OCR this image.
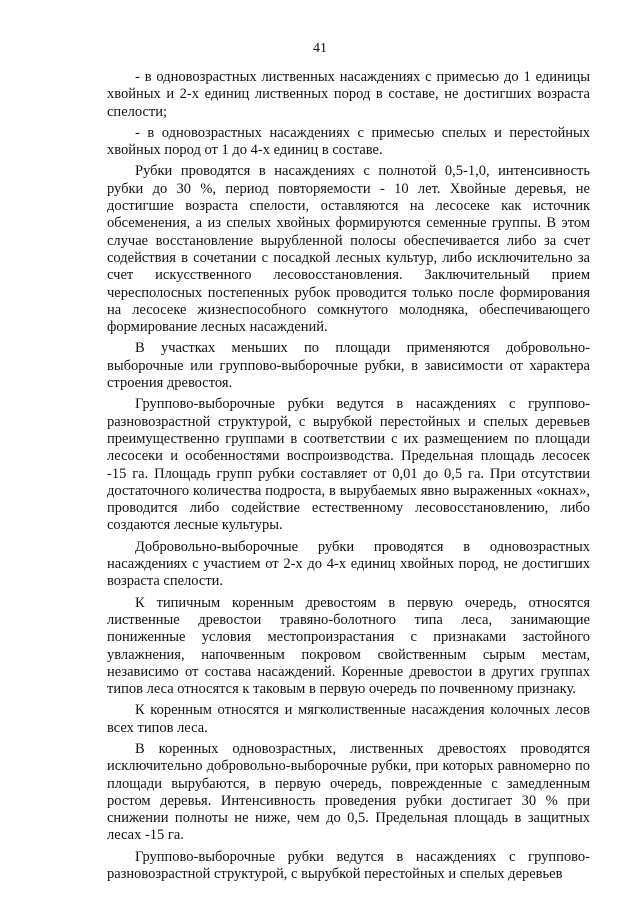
41

- в одновозрастных лиственных насаждениях с примесью до 1 единицы хвойных и 2-х единиц лиственных пород в составе, не достигших возраста спелости;

- в одновозрастных насаждениях с примесью спелых и перестойных хвойных пород от 1 до 4-х единиц в составе.

Рубки проводятся в насаждениях с полнотой 0,5-1,0, интенсивность рубки до 30 %, период повторяемости - 10 лет. Хвойные деревья, не достигшие возраста спелости, оставляются на лесосеке как источник обсеменения, а из спелых хвойных формируются семенные группы. В этом случае восстановление вырубленной полосы обеспечивается либо за счет содействия в сочетании с посадкой лесных культур, либо исключительно за счет искусственного лесовосстановления. Заключительный прием чересполосных постепенных рубок проводится только после формирования на лесосеке жизнеспособного сомкнутого молодняка, обеспечивающего формирование лесных насаждений.

В участках меньших по площади применяются добровольно-выборочные или группово-выборочные рубки, в зависимости от характера строения древостоя.

Группово-выборочные рубки ведутся в насаждениях с группово-разновозрастной структурой, с вырубкой перестойных и спелых деревьев преимущественно группами в соответствии с их размещением по площади лесосеки и особенностями воспроизводства. Предельная площадь лесосек -15 га. Площадь групп рубки составляет от 0,01 до 0,5 га. При отсутствии достаточного количества подроста, в вырубаемых явно выраженных «окнах», проводится либо содействие естественному лесовосстановлению, либо создаются лесные культуры.

Добровольно-выборочные рубки проводятся в одновозрастных насаждениях с участием от 2-х до 4-х единиц хвойных пород, не достигших возраста спелости.

К типичным коренным древостоям в первую очередь, относятся лиственные древостои травяно-болотного типа леса, занимающие пониженные условия местопроизрастания с признаками застойного увлажнения, напочвенным покровом свойственным сырым местам, независимо от состава насаждений. Коренные древостои в других группах типов леса относятся к таковым в первую очередь по почвенному признаку.

К коренным относятся и мягколиственные насаждения колочных лесов всех типов леса.

В коренных одновозрастных, лиственных древостоях проводятся исключительно добровольно-выборочные рубки, при которых равномерно по площади вырубаются, в первую очередь, поврежденные с замедленным ростом деревья. Интенсивность проведения рубки достигает 30 % при снижении полноты не ниже, чем до 0,5. Предельная площадь в защитных лесах -15 га.

Группово-выборочные рубки ведутся в насаждениях с группово-разновозрастной структурой, с вырубкой перестойных и спелых деревьев
